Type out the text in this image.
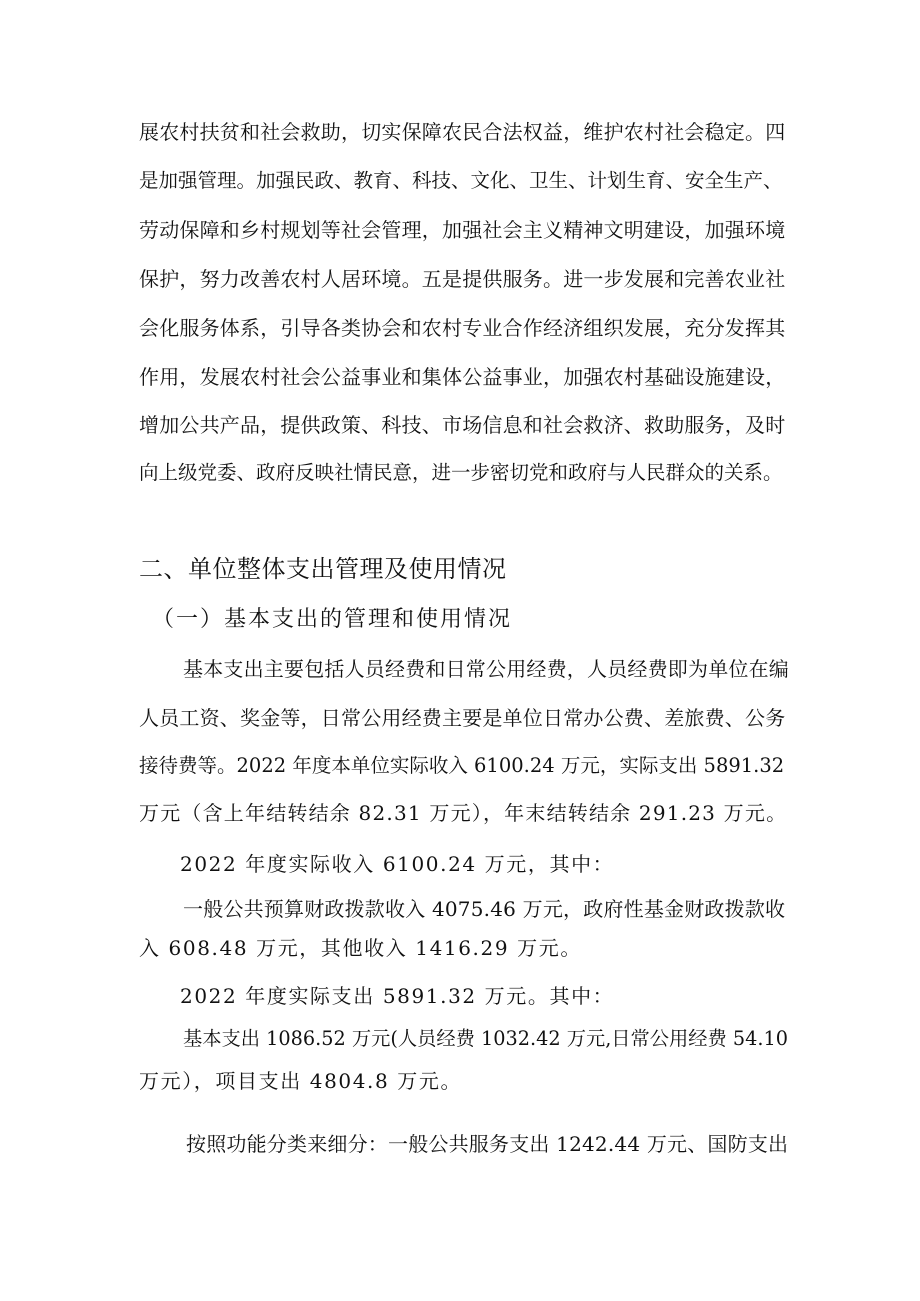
展农村扶贫和社会救助，切实保障农民合法权益，维护农村社会稳定。四
是加强管理。加强民政、教育、科技、文化、卫生、计划生育、安全生产、
劳动保障和乡村规划等社会管理，加强社会主义精神文明建设，加强环境
保护，努力改善农村人居环境。五是提供服务。进一步发展和完善农业社
会化服务体系，引导各类协会和农村专业合作经济组织发展，充分发挥其
作用，发展农村社会公益事业和集体公益事业，加强农村基础设施建设，
增加公共产品，提供政策、科技、市场信息和社会救济、救助服务，及时
向上级党委、政府反映社情民意，进一步密切党和政府与人民群众的关系。
二、单位整体支出管理及使用情况
（一）基本支出的管理和使用情况
基本支出主要包括人员经费和日常公用经费，人员经费即为单位在编
人员工资、奖金等，日常公用经费主要是单位日常办公费、差旅费、公务
接待费等。2022 年度本单位实际收入 6100.24 万元，实际支出 5891.32
万元（含上年结转结余 82.31 万元），年末结转结余 291.23 万元。
2022 年度实际收入 6100.24 万元，其中：
一般公共预算财政拨款收入 4075.46 万元，政府性基金财政拨款收
入 608.48 万元，其他收入 1416.29 万元。
2022 年度实际支出 5891.32 万元。其中：
基本支出 1086.52 万元(人员经费 1032.42 万元,日常公用经费 54.10
万元），项目支出 4804.8 万元。
按照功能分类来细分：一般公共服务支出 1242.44 万元、国防支出
